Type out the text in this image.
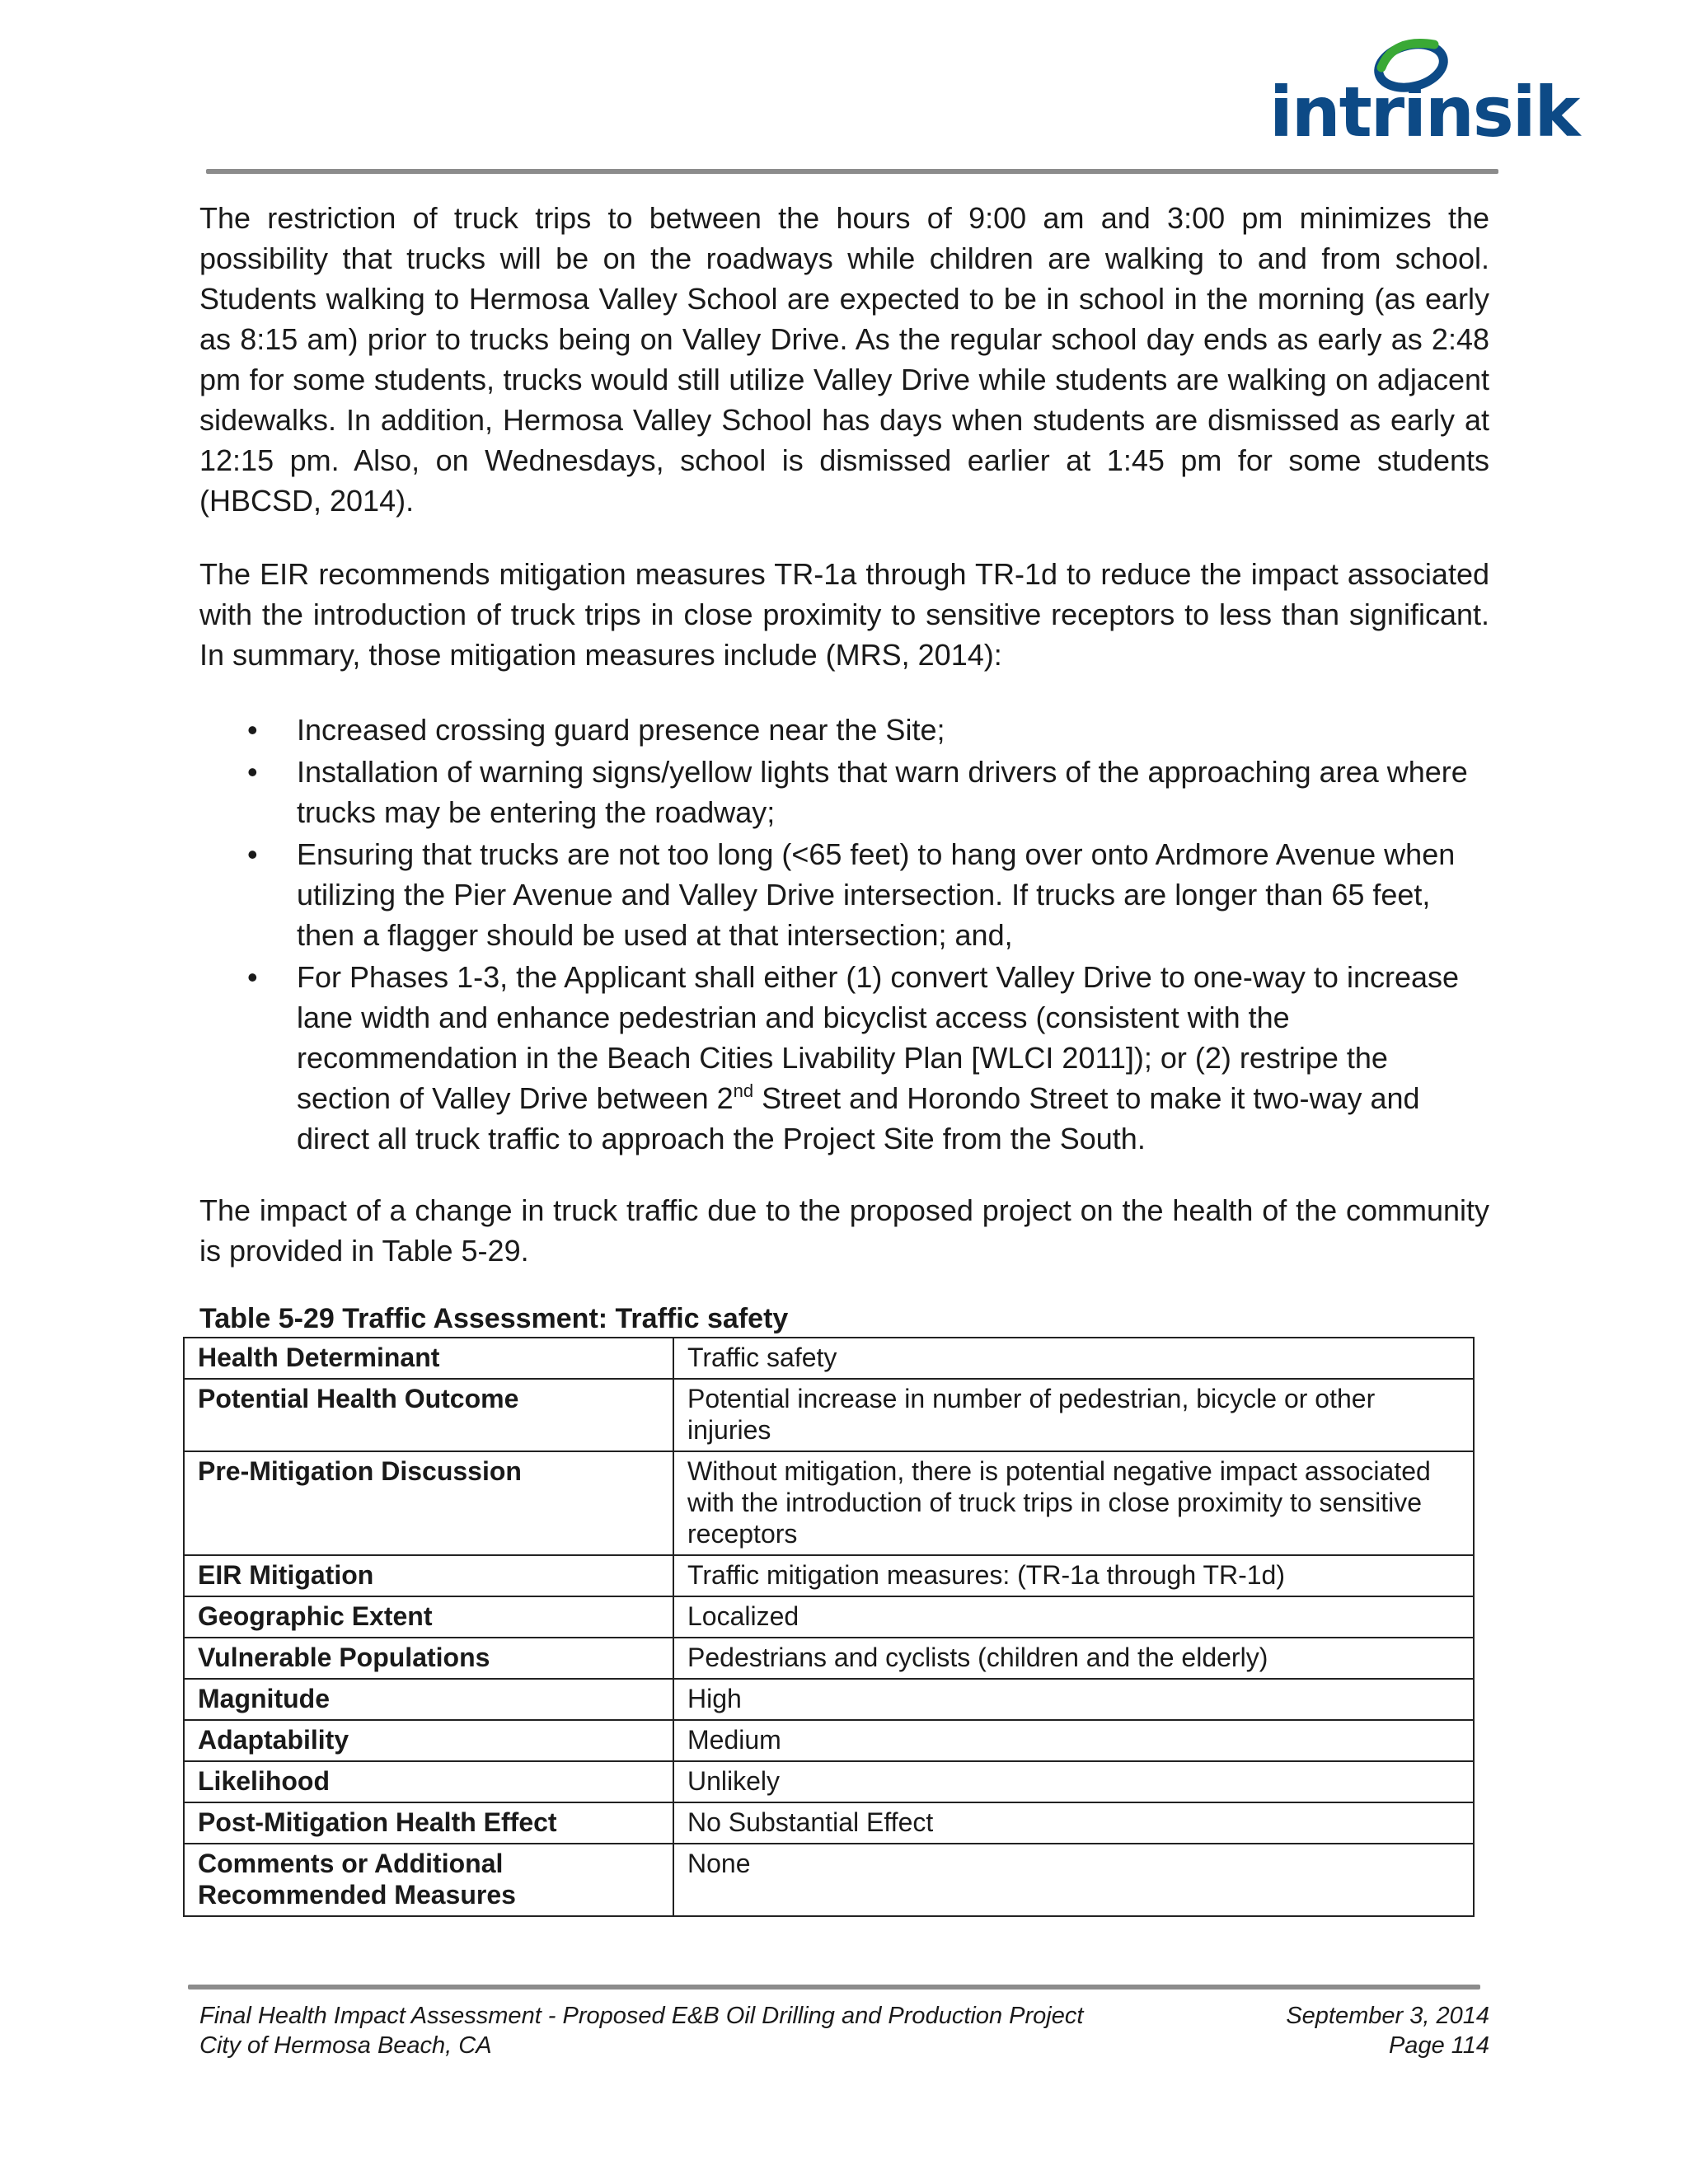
intrinsik

The restriction of truck trips to between the hours of 9:00 am and 3:00 pm minimizes the possibility that trucks will be on the roadways while children are walking to and from school. Students walking to Hermosa Valley School are expected to be in school in the morning (as early as 8:15 am) prior to trucks being on Valley Drive. As the regular school day ends as early as 2:48 pm for some students, trucks would still utilize Valley Drive while students are walking on adjacent sidewalks. In addition, Hermosa Valley School has days when students are dismissed as early at 12:15 pm. Also, on Wednesdays, school is dismissed earlier at 1:45 pm for some students (HBCSD, 2014).

The EIR recommends mitigation measures TR-1a through TR-1d to reduce the impact associated with the introduction of truck trips in close proximity to sensitive receptors to less than significant. In summary, those mitigation measures include (MRS, 2014):

• Increased crossing guard presence near the Site;
• Installation of warning signs/yellow lights that warn drivers of the approaching area where trucks may be entering the roadway;
• Ensuring that trucks are not too long (<65 feet) to hang over onto Ardmore Avenue when utilizing the Pier Avenue and Valley Drive intersection. If trucks are longer than 65 feet, then a flagger should be used at that intersection; and,
• For Phases 1-3, the Applicant shall either (1) convert Valley Drive to one-way to increase lane width and enhance pedestrian and bicyclist access (consistent with the recommendation in the Beach Cities Livability Plan [WLCI 2011]); or (2) restripe the section of Valley Drive between 2nd Street and Horondo Street to make it two-way and direct all truck traffic to approach the Project Site from the South.

The impact of a change in truck traffic due to the proposed project on the health of the community is provided in Table 5-29.

Table 5-29 Traffic Assessment: Traffic safety
Health Determinant	Traffic safety
Potential Health Outcome	Potential increase in number of pedestrian, bicycle or other injuries
Pre-Mitigation Discussion	Without mitigation, there is potential negative impact associated with the introduction of truck trips in close proximity to sensitive receptors
EIR Mitigation	Traffic mitigation measures: (TR-1a through TR-1d)
Geographic Extent	Localized
Vulnerable Populations	Pedestrians and cyclists (children and the elderly)
Magnitude	High
Adaptability	Medium
Likelihood	Unlikely
Post-Mitigation Health Effect	No Substantial Effect
Comments or Additional Recommended Measures	None
Final Health Impact Assessment - Proposed E&B Oil Drilling and Production Project	September 3, 2014
City of Hermosa Beach, CA	Page 114
